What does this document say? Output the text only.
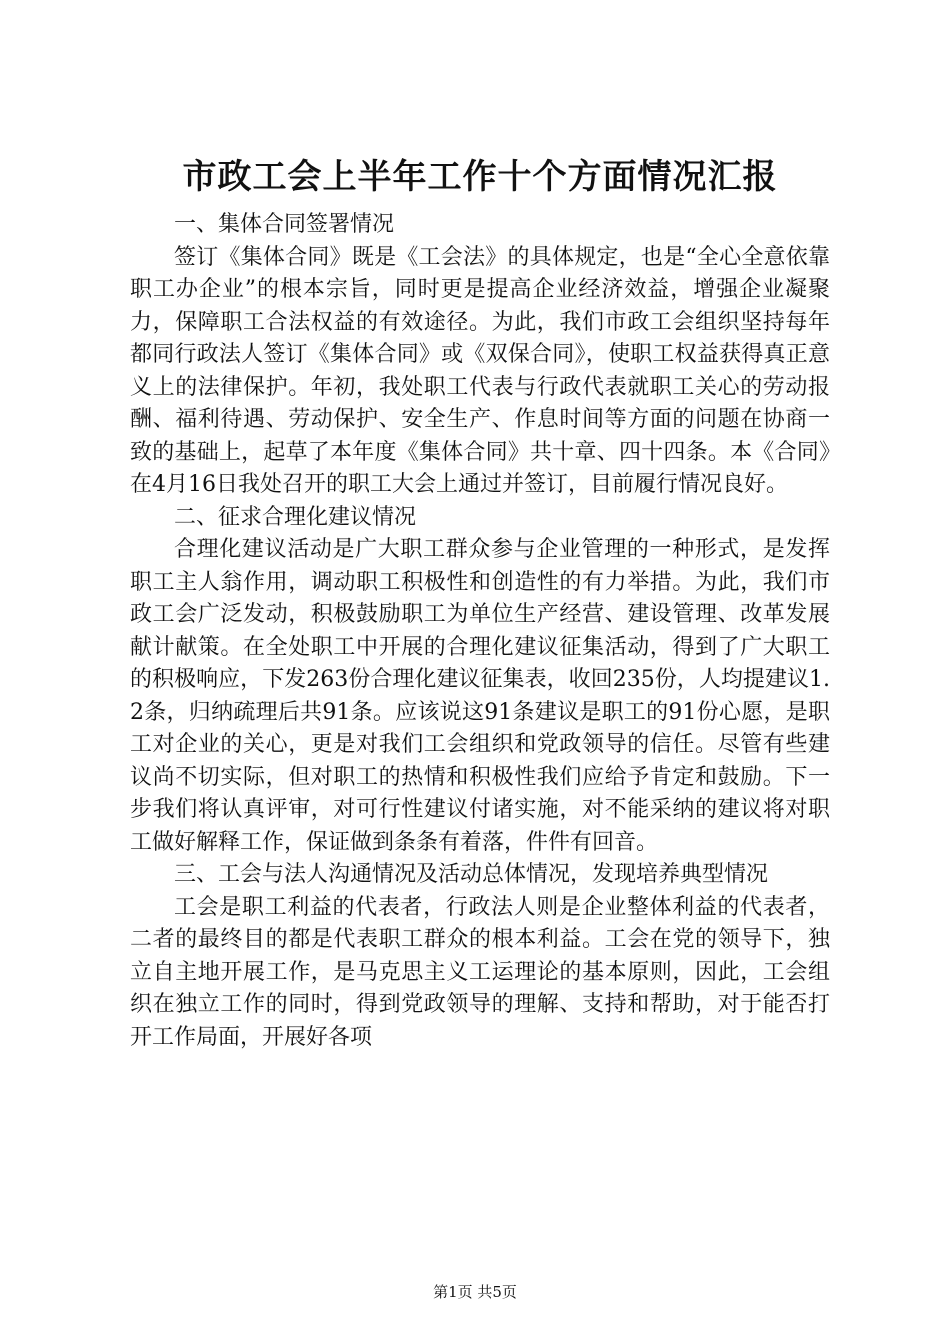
市政工会上半年工作十个方面情况汇报

一、集体合同签署情况

签订《集体合同》既是《工会法》的具体规定，也是“全心全意依靠职工办企业”的根本宗旨，同时更是提高企业经济效益，增强企业凝聚力，保障职工合法权益的有效途径。为此，我们市政工会组织坚持每年都同行政法人签订《集体合同》或《双保合同》，使职工权益获得真正意义上的法律保护。年初，我处职工代表与行政代表就职工关心的劳动报酬、福利待遇、劳动保护、安全生产、作息时间等方面的问题在协商一致的基础上，起草了本年度《集体合同》共十章、四十四条。本《合同》在4月16日我处召开的职工大会上通过并签订，目前履行情况良好。

二、征求合理化建议情况

合理化建议活动是广大职工群众参与企业管理的一种形式，是发挥职工主人翁作用，调动职工积极性和创造性的有力举措。为此，我们市政工会广泛发动，积极鼓励职工为单位生产经营、建设管理、改革发展献计献策。在全处职工中开展的合理化建议征集活动，得到了广大职工的积极响应，下发263份合理化建议征集表，收回235份，人均提建议1.2条，归纳疏理后共91条。应该说这91条建议是职工的91份心愿，是职工对企业的关心，更是对我们工会组织和党政领导的信任。尽管有些建议尚不切实际，但对职工的热情和积极性我们应给予肯定和鼓励。下一步我们将认真评审，对可行性建议付诸实施，对不能采纳的建议将对职工做好解释工作，保证做到条条有着落，件件有回音。

三、工会与法人沟通情况及活动总体情况，发现培养典型情况

工会是职工利益的代表者，行政法人则是企业整体利益的代表者，二者的最终目的都是代表职工群众的根本利益。工会在党的领导下，独立自主地开展工作，是马克思主义工运理论的基本原则，因此，工会组织在独立工作的同时，得到党政领导的理解、支持和帮助，对于能否打开工作局面，开展好各项

第1页 共5页
